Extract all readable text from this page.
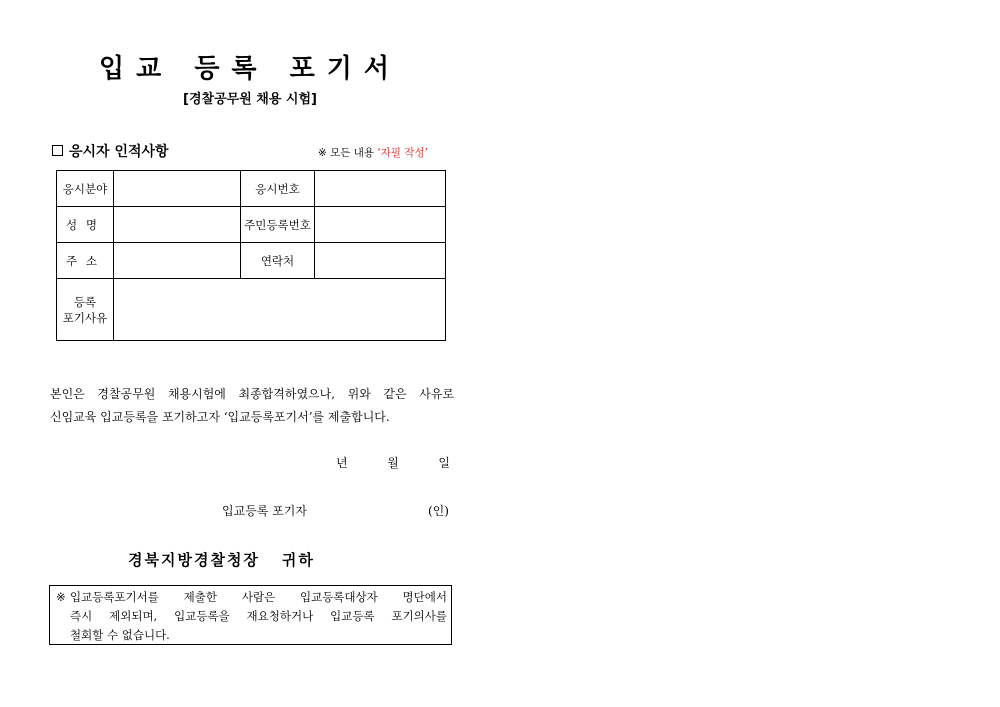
입교 등록 포기서
[경찰공무원 채용 시험]
응시자 인적사항	※ 모든 내용 ‘자필 작성’
응시분야		응시번호	

성 명		주민등록번호	

주 소		연락처	

등록
포기사유			

본인은 경찰공무원 채용시험에 최종합격하였으나, 위와 같은 사유로
신임교육 입교등록을 포기하고자 ‘입교등록포기서’를 제출합니다.
년	월	일
입교등록 포기자	(인)
경북지방경찰청장 귀하
※ 입교등록포기서를 제출한 사람은 입교등록대상자 명단에서
즉시 제외되며, 입교등록을 재요청하거나 입교등록 포기의사를
철회할 수 없습니다.
